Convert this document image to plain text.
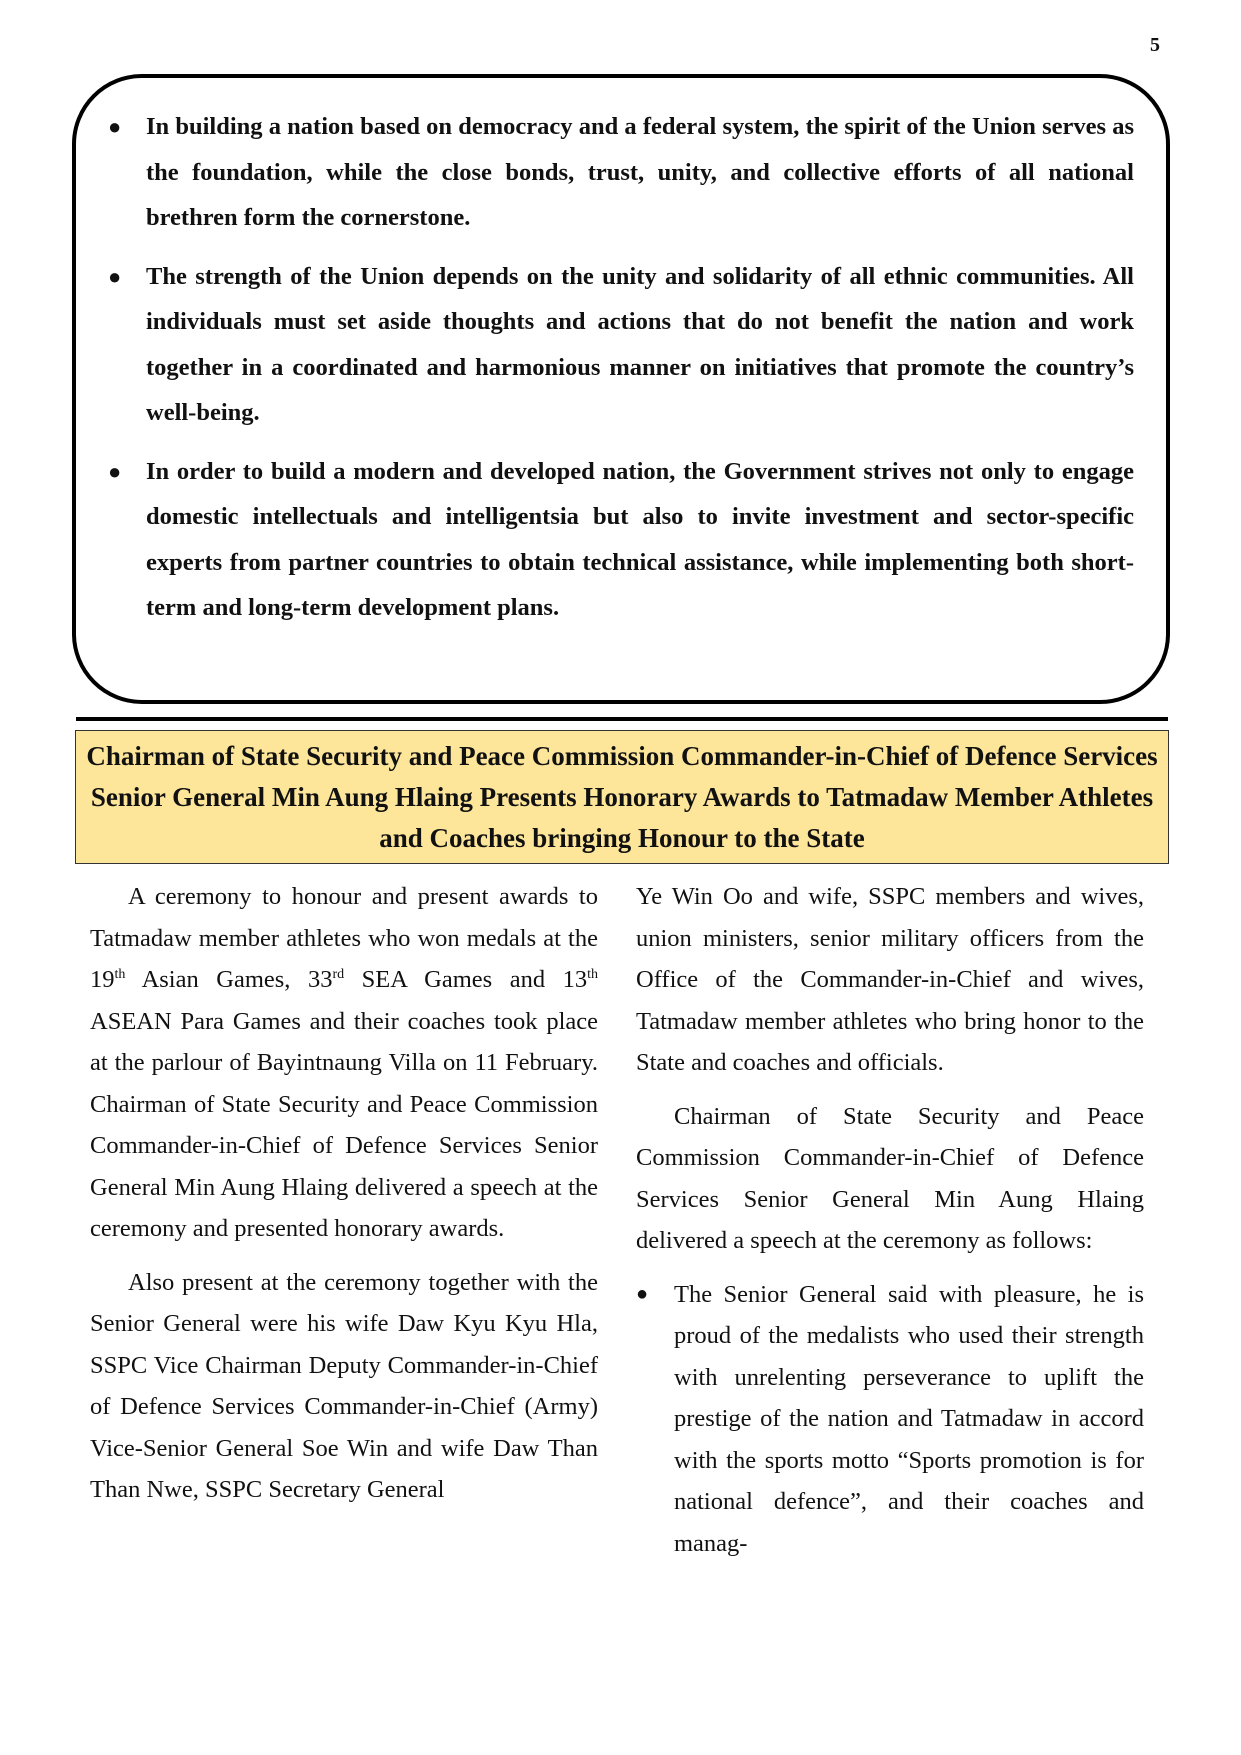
5
● In building a nation based on democracy and a federal system, the spirit of the Union serves as the foundation, while the close bonds, trust, unity, and collective efforts of all national brethren form the cornerstone.
● The strength of the Union depends on the unity and solidarity of all ethnic communities. All individuals must set aside thoughts and actions that do not benefit the nation and work together in a coordinated and harmonious manner on initiatives that promote the country’s well-being.
● In order to build a modern and developed nation, the Government strives not only to engage domestic intellectuals and intelligentsia but also to invite investment and sector-specific experts from partner countries to obtain technical assistance, while implementing both short-term and long-term development plans.
Chairman of State Security and Peace Commission Commander-in-Chief of Defence Services Senior General Min Aung Hlaing Presents Honorary Awards to Tatmadaw Member Athletes and Coaches bringing Honour to the State

A ceremony to honour and present awards to Tatmadaw member athletes who won medals at the 19th Asian Games, 33rd SEA Games and 13th ASEAN Para Games and their coaches took place at the parlour of Bayintnaung Villa on 11 February. Chairman of State Security and Peace Commission Commander-in-Chief of Defence Services Senior General Min Aung Hlaing delivered a speech at the ceremony and presented honorary awards.

Also present at the ceremony together with the Senior General were his wife Daw Kyu Kyu Hla, SSPC Vice Chairman Deputy Commander-in-Chief of Defence Services Commander-in-Chief (Army) Vice-Senior General Soe Win and wife Daw Than Than Nwe, SSPC Secretary General

Ye Win Oo and wife, SSPC members and wives, union ministers, senior military officers from the Office of the Commander-in-Chief and wives, Tatmadaw member athletes who bring honor to the State and coaches and officials.

Chairman of State Security and Peace Commission Commander-in-Chief of Defence Services Senior General Min Aung Hlaing delivered a speech at the ceremony as follows:

● The Senior General said with pleasure, he is proud of the medalists who used their strength with unrelenting perseverance to uplift the prestige of the nation and Tatmadaw in accord with the sports motto “Sports promotion is for national defence”, and their coaches and manag-
